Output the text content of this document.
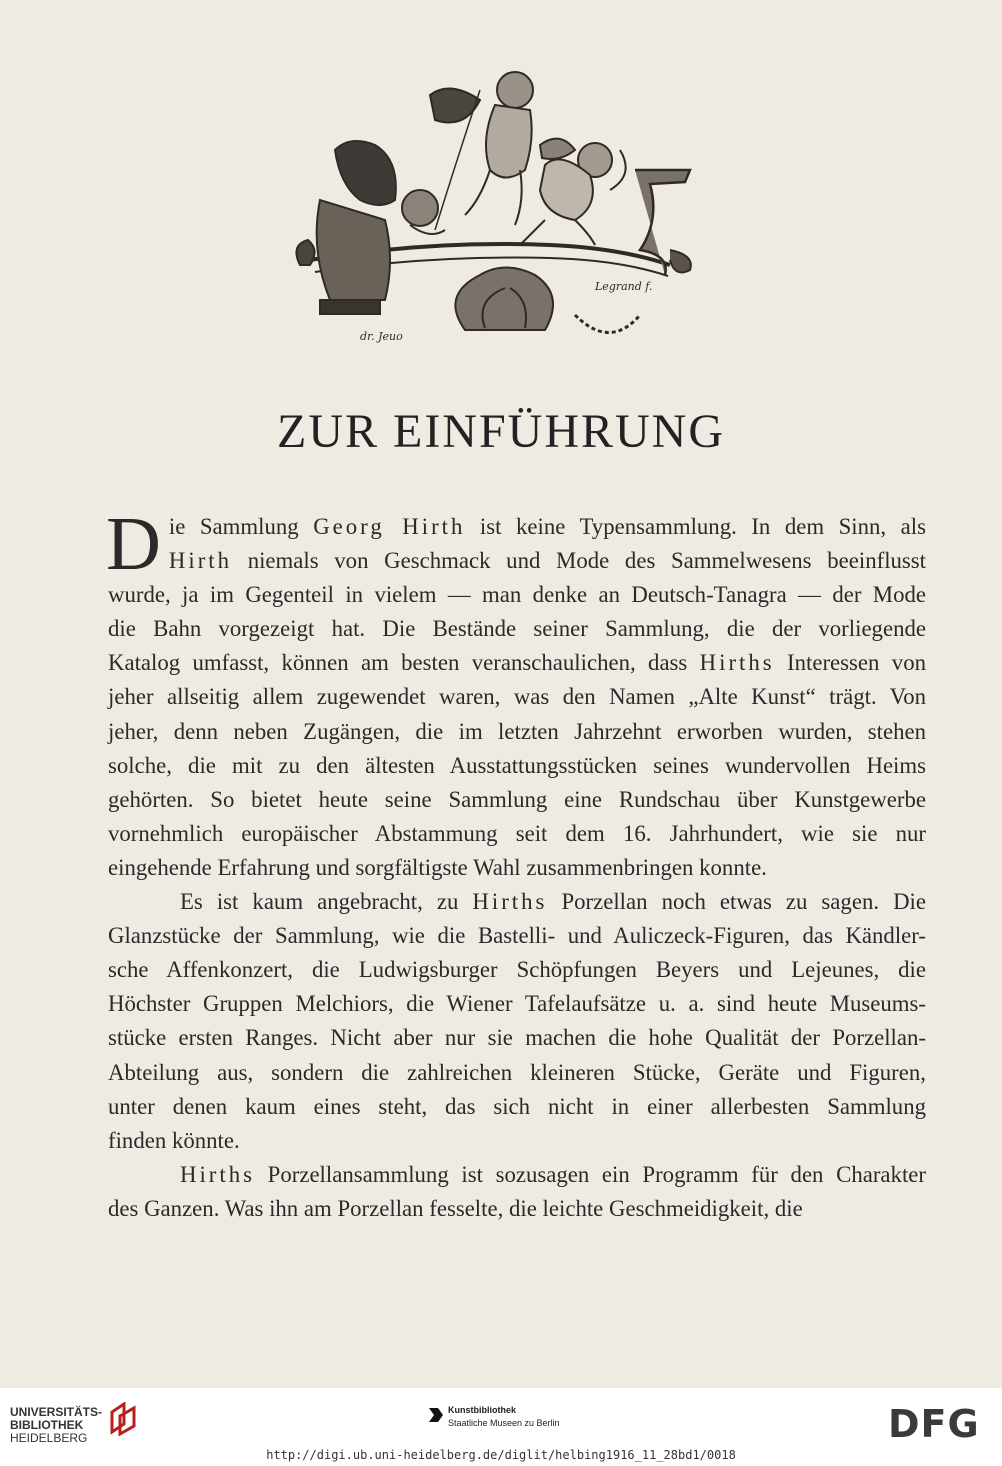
dr. Jeuo
Legrand f.
ZUR EINFÜHRUNG

Die Sammlung Georg Hirth ist keine Typensammlung. In dem Sinn, als

Hirth niemals von Geschmack und Mode des Sammelwesens beeinflusst

wurde, ja im Gegenteil in vielem — man denke an Deutsch-Tanagra — der Mode

die Bahn vorgezeigt hat. Die Bestände seiner Sammlung, die der vorliegende

Katalog umfasst, können am besten veranschaulichen, dass Hirths Interessen von

jeher allseitig allem zugewendet waren, was den Namen „Alte Kunst“ trägt. Von

jeher, denn neben Zugängen, die im letzten Jahrzehnt erworben wurden, stehen

solche, die mit zu den ältesten Ausstattungsstücken seines wundervollen Heims

gehörten. So bietet heute seine Sammlung eine Rundschau über Kunstgewerbe

vornehmlich europäischer Abstammung seit dem 16. Jahrhundert, wie sie nur

eingehende Erfahrung und sorgfältigste Wahl zusammenbringen konnte.

Es ist kaum angebracht, zu Hirths Porzellan noch etwas zu sagen. Die

Glanzstücke der Sammlung, wie die Bastelli- und Auliczeck-Figuren, das Kändler-

sche Affenkonzert, die Ludwigsburger Schöpfungen Beyers und Lejeunes, die

Höchster Gruppen Melchiors, die Wiener Tafelaufsätze u. a. sind heute Museums-

stücke ersten Ranges. Nicht aber nur sie machen die hohe Qualität der Porzellan-

Abteilung aus, sondern die zahlreichen kleineren Stücke, Geräte und Figuren,

unter denen kaum eines steht, das sich nicht in einer allerbesten Sammlung

finden könnte.

Hirths Porzellansammlung ist sozusagen ein Programm für den Charakter

des Ganzen. Was ihn am Porzellan fesselte, die leichte Geschmeidigkeit, die

UNIVERSITÄTS-
BIBLIOTHEK
HEIDELBERG
Kunstbibliothek
Staatliche Museen zu Berlin	DFG
http://digi.ub.uni-heidelberg.de/diglit/helbing1916_11_28bd1/0018
